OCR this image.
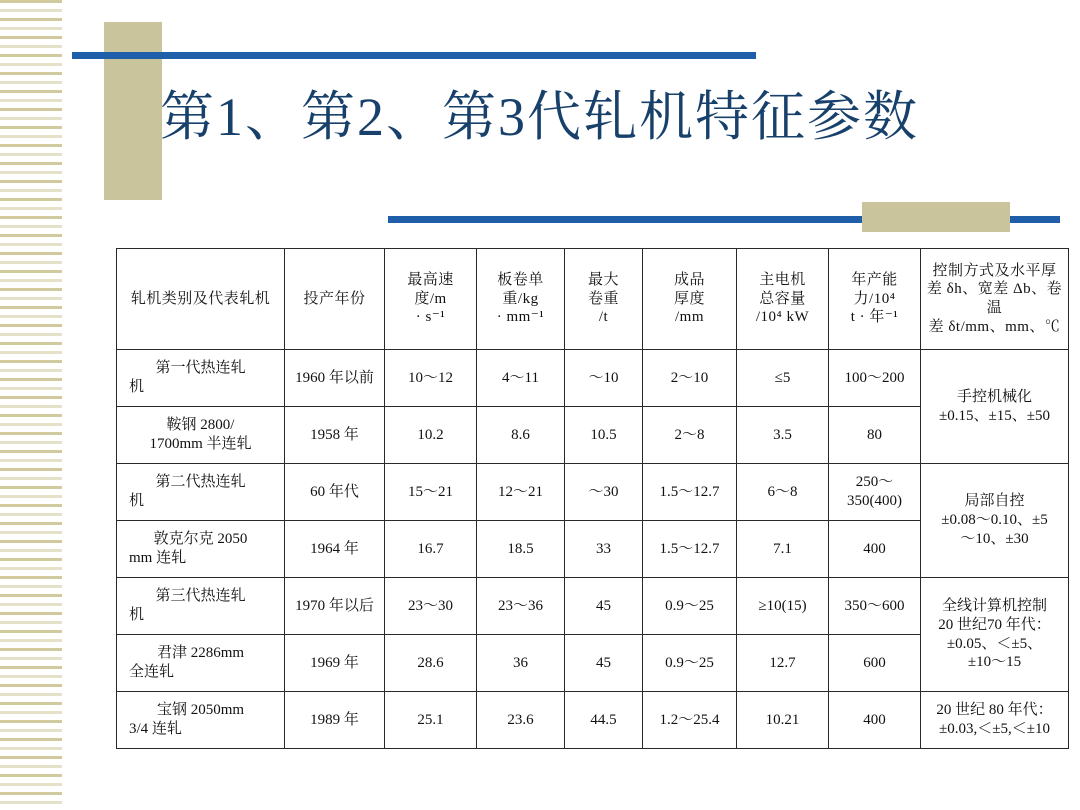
第1、第2、第3代轧机特征参数
轧机类别及代表轧机	投产年份	最高速
度/m
· s⁻¹	板卷单
重/kg
· mm⁻¹	最大
卷重
/t	成品
厚度
/mm	主电机
总容量
/10⁴ kW	年产能
力/10⁴
t · 年⁻¹	控制方式及水平厚
差 δh、宽差 Δb、卷温
差 δt/mm、mm、℃

第一代热连轧
机	1960 年以前	10～12	4～11	～10	2～10	≤5	100～200	手控机械化
±0.15、±15、±50

鞍钢 2800/
1700mm 半连轧	1958 年	10.2	8.6	10.5	2～8	3.5	80	

第二代热连轧
机	60 年代	15～21	12～21	～30	1.5～12.7	6～8	250～350(400)	局部自控
±0.08～0.10、±5
～10、±30

敦克尔克 2050
mm 连轧	1964 年	16.7	18.5	33	1.5～12.7	7.1	400	

第三代热连轧
机	1970 年以后	23～30	23～36	45	0.9～25	≥10(15)	350～600	全线计算机控制
20 世纪70 年代：
±0.05、＜±5、
±10～15

君津 2286mm
全连轧	1969 年	28.6	36	45	0.9～25	12.7	600	

宝钢 2050mm
3/4 连轧	1989 年	25.1	23.6	44.5	1.2～25.4	10.21	400	20 世纪 80 年代：
±0.03,＜±5,＜±10
